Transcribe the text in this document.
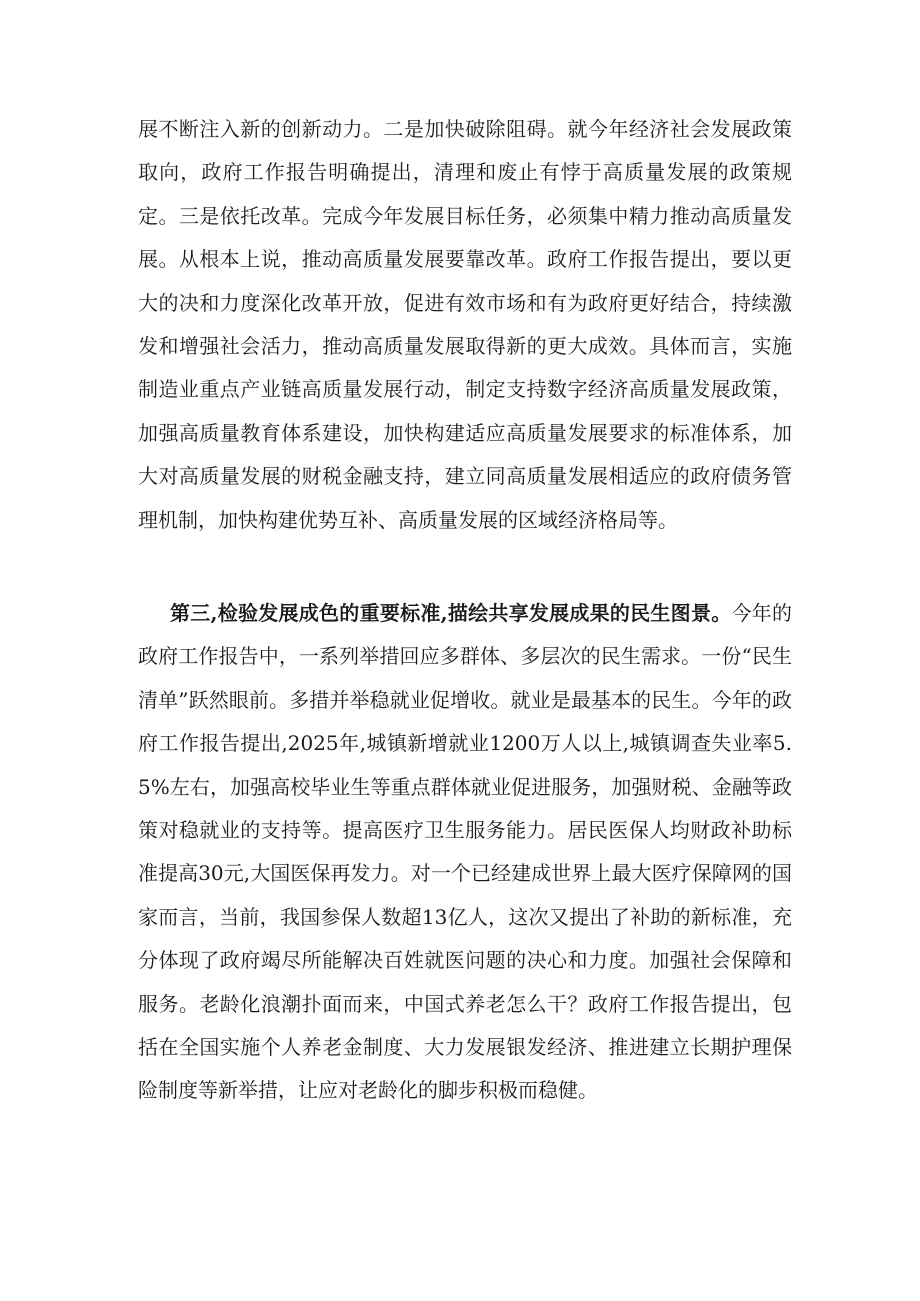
展不断注入新的创新动力。二是加快破除阻碍。就今年经济社会发展政策取向，政府工作报告明确提出，清理和废止有悖于高质量发展的政策规定。三是依托改革。完成今年发展目标任务，必须集中精力推动高质量发展。从根本上说，推动高质量发展要靠改革。政府工作报告提出，要以更大的决和力度深化改革开放，促进有效市场和有为政府更好结合，持续激发和增强社会活力，推动高质量发展取得新的更大成效。具体而言，实施制造业重点产业链高质量发展行动，制定支持数字经济高质量发展政策，加强高质量教育体系建设，加快构建适应高质量发展要求的标准体系，加大对高质量发展的财税金融支持，建立同高质量发展相适应的政府债务管理机制，加快构建优势互补、高质量发展的区域经济格局等。

第三,检验发展成色的重要标准,描绘共享发展成果的民生图景。今年的政府工作报告中，一系列举措回应多群体、多层次的民生需求。一份“民生清单”跃然眼前。多措并举稳就业促增收。就业是最基本的民生。今年的政府工作报告提出,2025年,城镇新增就业1200万人以上,城镇调查失业率5.5%左右，加强高校毕业生等重点群体就业促进服务，加强财税、金融等政策对稳就业的支持等。提高医疗卫生服务能力。居民医保人均财政补助标准提高30元,大国医保再发力。对一个已经建成世界上最大医疗保障网的国家而言，当前，我国参保人数超13亿人，这次又提出了补助的新标准，充分体现了政府竭尽所能解决百姓就医问题的决心和力度。加强社会保障和服务。老龄化浪潮扑面而来，中国式养老怎么干？政府工作报告提出，包括在全国实施个人养老金制度、大力发展银发经济、推进建立长期护理保险制度等新举措，让应对老龄化的脚步积极而稳健。
